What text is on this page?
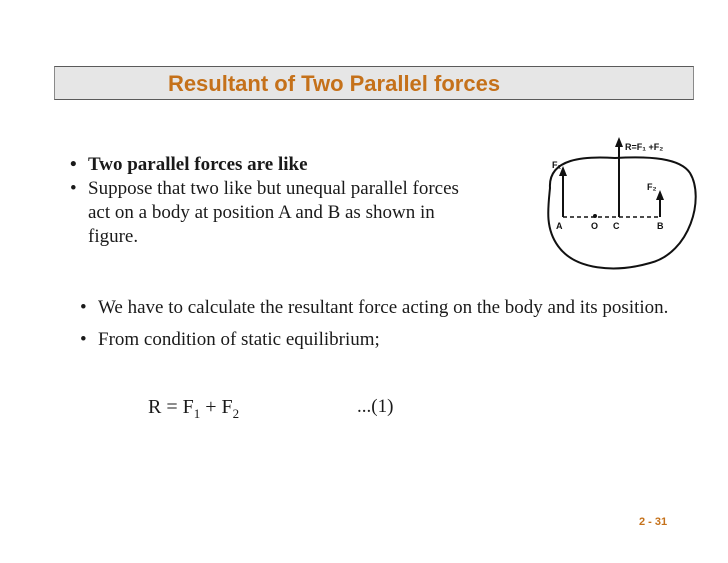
Resultant of Two Parallel forces

• Two parallel forces are like

• Suppose that two like but unequal parallel forces act on a body at position A and B as shown in figure.

R=F₁ +F₂
F₁
F₂
A	O C	B

• We have to calculate the resultant force acting on the body and its position.

• From condition of static equilibrium;

$R = F_1 + F_2$	...(1)
2 - 31
